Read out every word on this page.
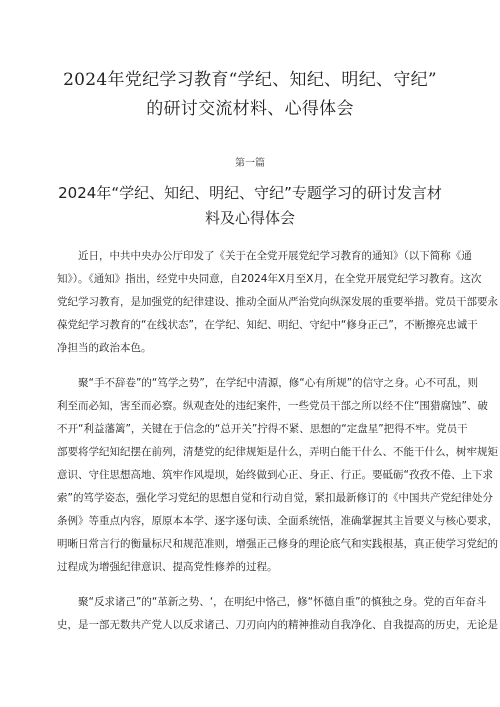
2024年党纪学习教育“学纪、知纪、明纪、守纪”
的研讨交流材料、心得体会
第一篇
2024年“学纪、知纪、明纪、守纪”专题学习的研讨发言材
料及心得体会

近日，中共中央办公厅印发了《关于在全党开展党纪学习教育的通知》（以下简称《通
知》）。《通知》指出，经党中央同意，自2024年X月至X月，在全党开展党纪学习教育。这次
党纪学习教育，是加强党的纪律建设、推动全面从严治党向纵深发展的重要举措。党员干部要永
葆党纪学习教育的“在线状态”，在学纪、知纪、明纪、守纪中“修身正己”，不断擦亮忠诚干
净担当的政治本色。

聚“手不辞卷”的“笃学之势”，在学纪中清源，修“心有所规”的信守之身。心不可乱，则
利至而必知，害至而必察。纵观查处的违纪案件，一些党员干部之所以经不住“围猎腐蚀”、破
不开“利益藩篱”，关键在于信念的“总开关”拧得不紧、思想的“定盘星”把得不牢。党员干
部要将学纪知纪摆在前列，清楚党的纪律规矩是什么，弄明白能干什么、不能干什么，树牢规矩
意识、守住思想高地、筑牢作风堤坝，始终做到心正、身正、行正。要砥砺“孜孜不倦、上下求
索”的笃学姿态，强化学习党纪的思想自觉和行动自觉，紧扣最新修订的《中国共产党纪律处分
条例》等重点内容，原原本本学、逐字逐句读、全面系统悟，准确掌握其主旨要义与核心要求，
明晰日常言行的衡量标尺和规范准则，增强正己修身的理论底气和实践根基，真正使学习党纪的
过程成为增强纪律意识、提高党性修养的过程。

聚“反求诸己”的“革新之势、‘，在明纪中恪己，修“怀德自重”的慎独之身。党的百年奋斗
史，是一部无数共产党人以反求诸己、刀刃向内的精神推动自我净化、自我提高的历史，无论是
